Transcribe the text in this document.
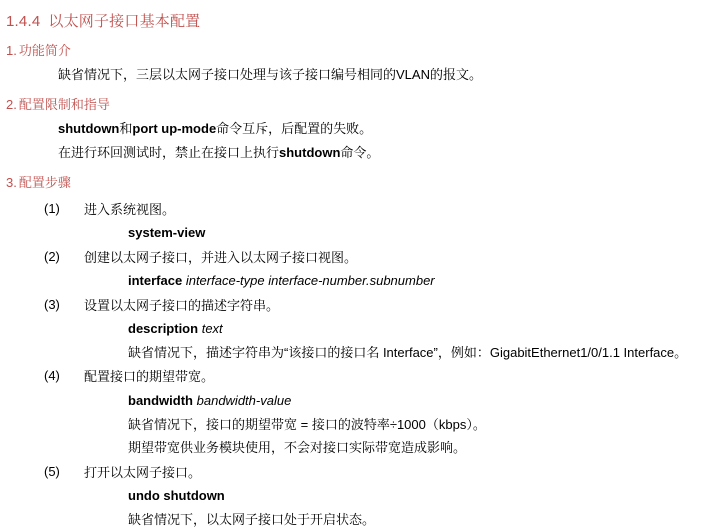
1.4.4 以太网子接口基本配置
1. 功能简介
缺省情况下，三层以太网子接口处理与该子接口编号相同的VLAN的报文。
2. 配置限制和指导
shutdown和port up-mode命令互斥，后配置的失败。
在进行环回测试时，禁止在接口上执行shutdown命令。
3. 配置步骤
(1)	进入系统视图。
system-view
(2)	创建以太网子接口，并进入以太网子接口视图。
interface interface-type interface-number.subnumber
(3)	设置以太网子接口的描述字符串。
description text
缺省情况下，描述字符串为“该接口的接口名 Interface”，例如：GigabitEthernet1/0/1.1 Interface。
(4)	配置接口的期望带宽。
bandwidth bandwidth-value
缺省情况下，接口的期望带宽 = 接口的波特率÷1000（kbps）。
期望带宽供业务模块使用，不会对接口实际带宽造成影响。
(5)	打开以太网子接口。
undo shutdown
缺省情况下，以太网子接口处于开启状态。
